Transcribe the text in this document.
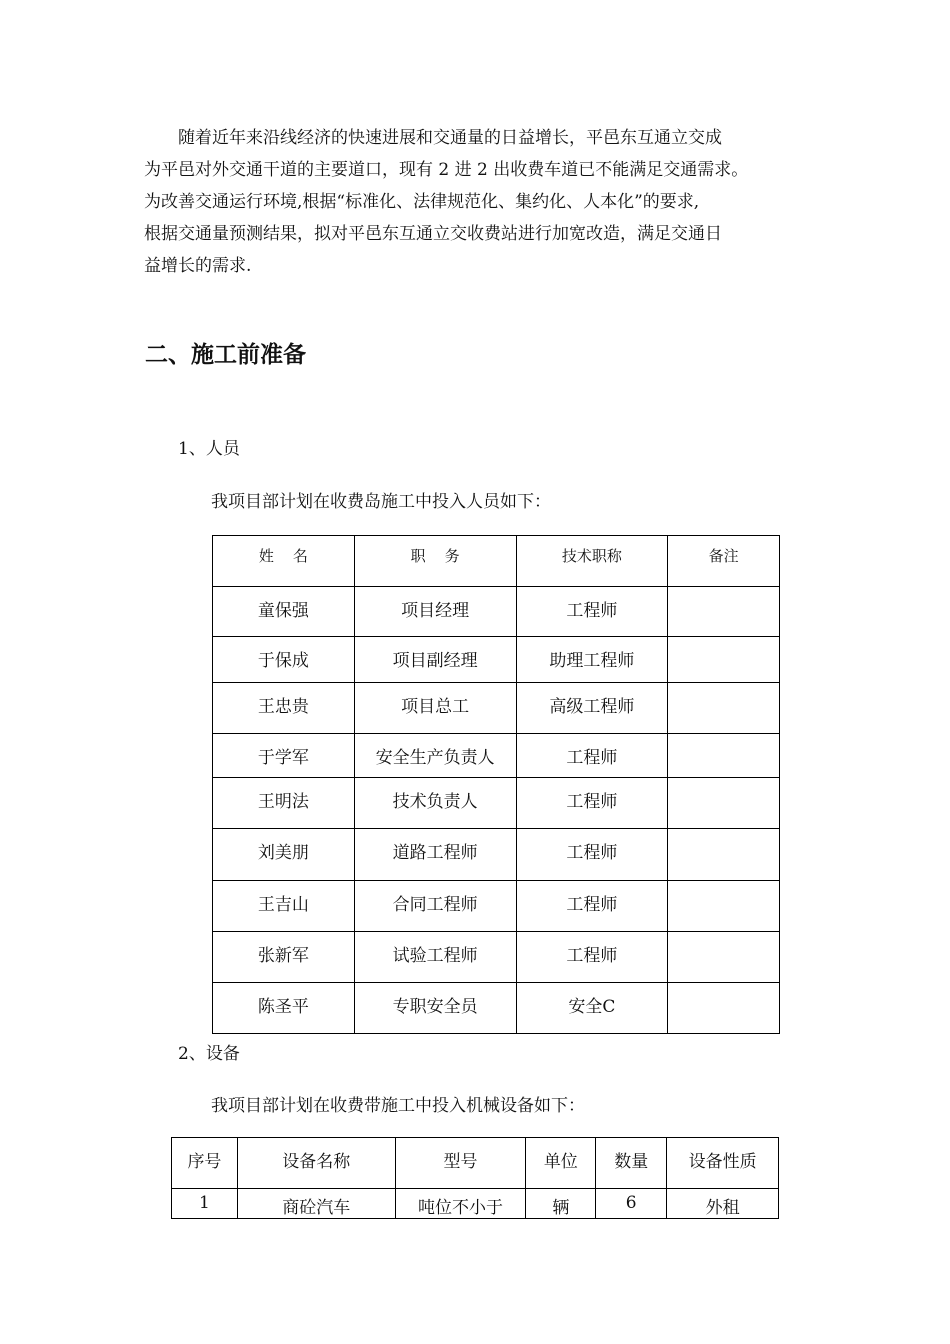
随着近年来沿线经济的快速进展和交通量的日益增长，平邑东互通立交成

为平邑对外交通干道的主要道口，现有 2 进 2 出收费车道已不能满足交通需求。

为改善交通运行环境,根据“标准化、法律规范化、集约化、人本化”的要求,

根据交通量预测结果，拟对平邑东互通立交收费站进行加宽改造，满足交通日

益增长的需求.

二、施工前准备

1、人员

我项目部计划在收费岛施工中投入人员如下：

姓    名	职    务	技术职称	备注

童保强	项目经理	工程师	

于保成	项目副经理	助理工程师	

王忠贵	项目总工	高级工程师	

于学军	安全生产负责人	工程师	

王明法	技术负责人	工程师	

刘美朋	道路工程师	工程师	

王吉山	合同工程师	工程师	

张新军	试验工程师	工程师	

陈圣平	专职安全员	安全C	

2、设备

我项目部计划在收费带施工中投入机械设备如下：

序号	设备名称	型号	单位	数量	设备性质

1	商砼汽车	吨位不小于	辆	6	外租
